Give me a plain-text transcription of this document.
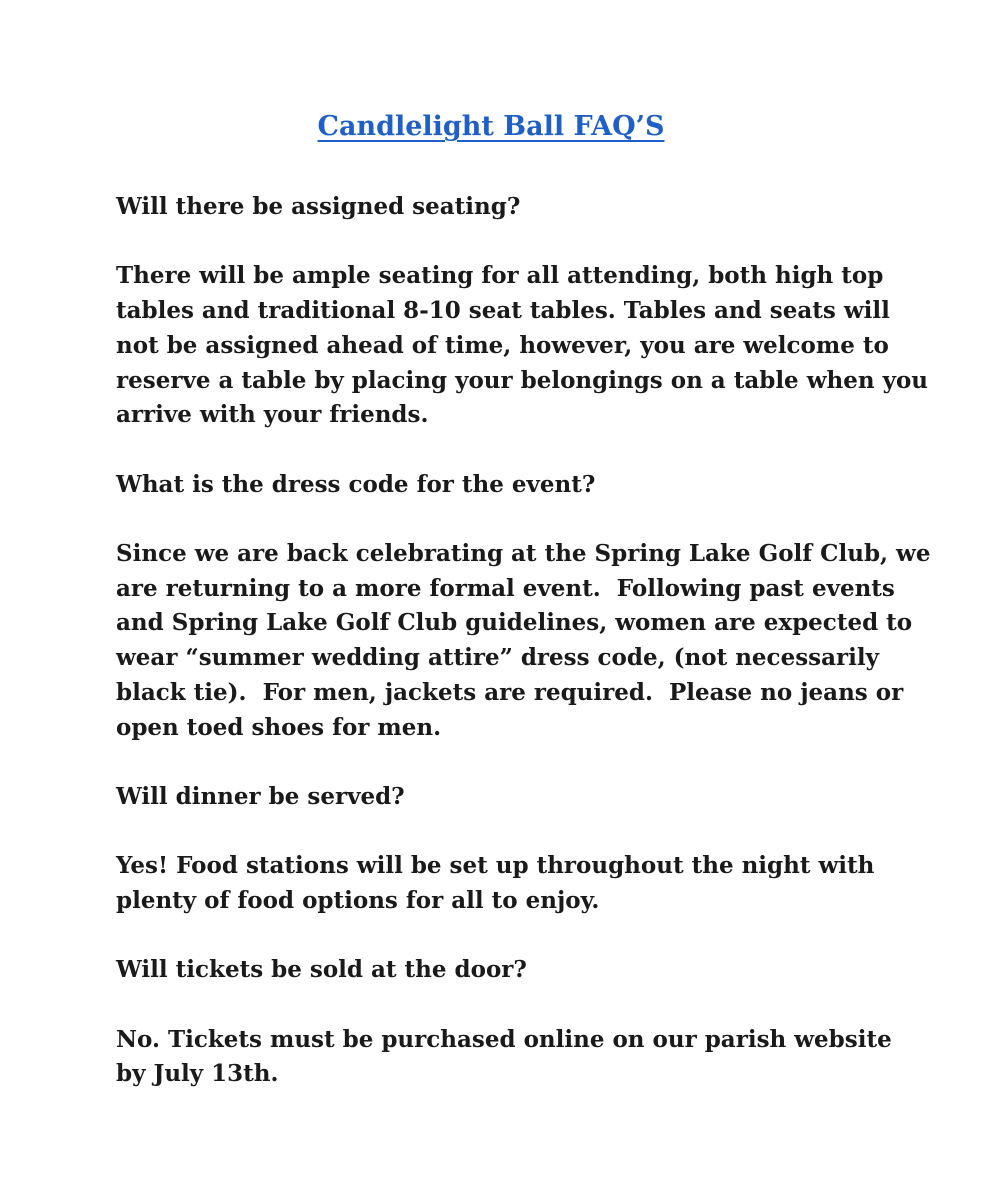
Candlelight Ball FAQ’S
Will there be assigned seating?
There will be ample seating for all attending, both high top
tables and traditional 8-10 seat tables. Tables and seats will
not be assigned ahead of time, however, you are welcome to
reserve a table by placing your belongings on a table when you
arrive with your friends.
What is the dress code for the event?
Since we are back celebrating at the Spring Lake Golf Club, we
are returning to a more formal event.  Following past events
and Spring Lake Golf Club guidelines, women are expected to
wear “summer wedding attire” dress code, (not necessarily
black tie).  For men, jackets are required.  Please no jeans or
open toed shoes for men.
Will dinner be served?
Yes! Food stations will be set up throughout the night with
plenty of food options for all to enjoy.
Will tickets be sold at the door?
No. Tickets must be purchased online on our parish website
by July 13th.
